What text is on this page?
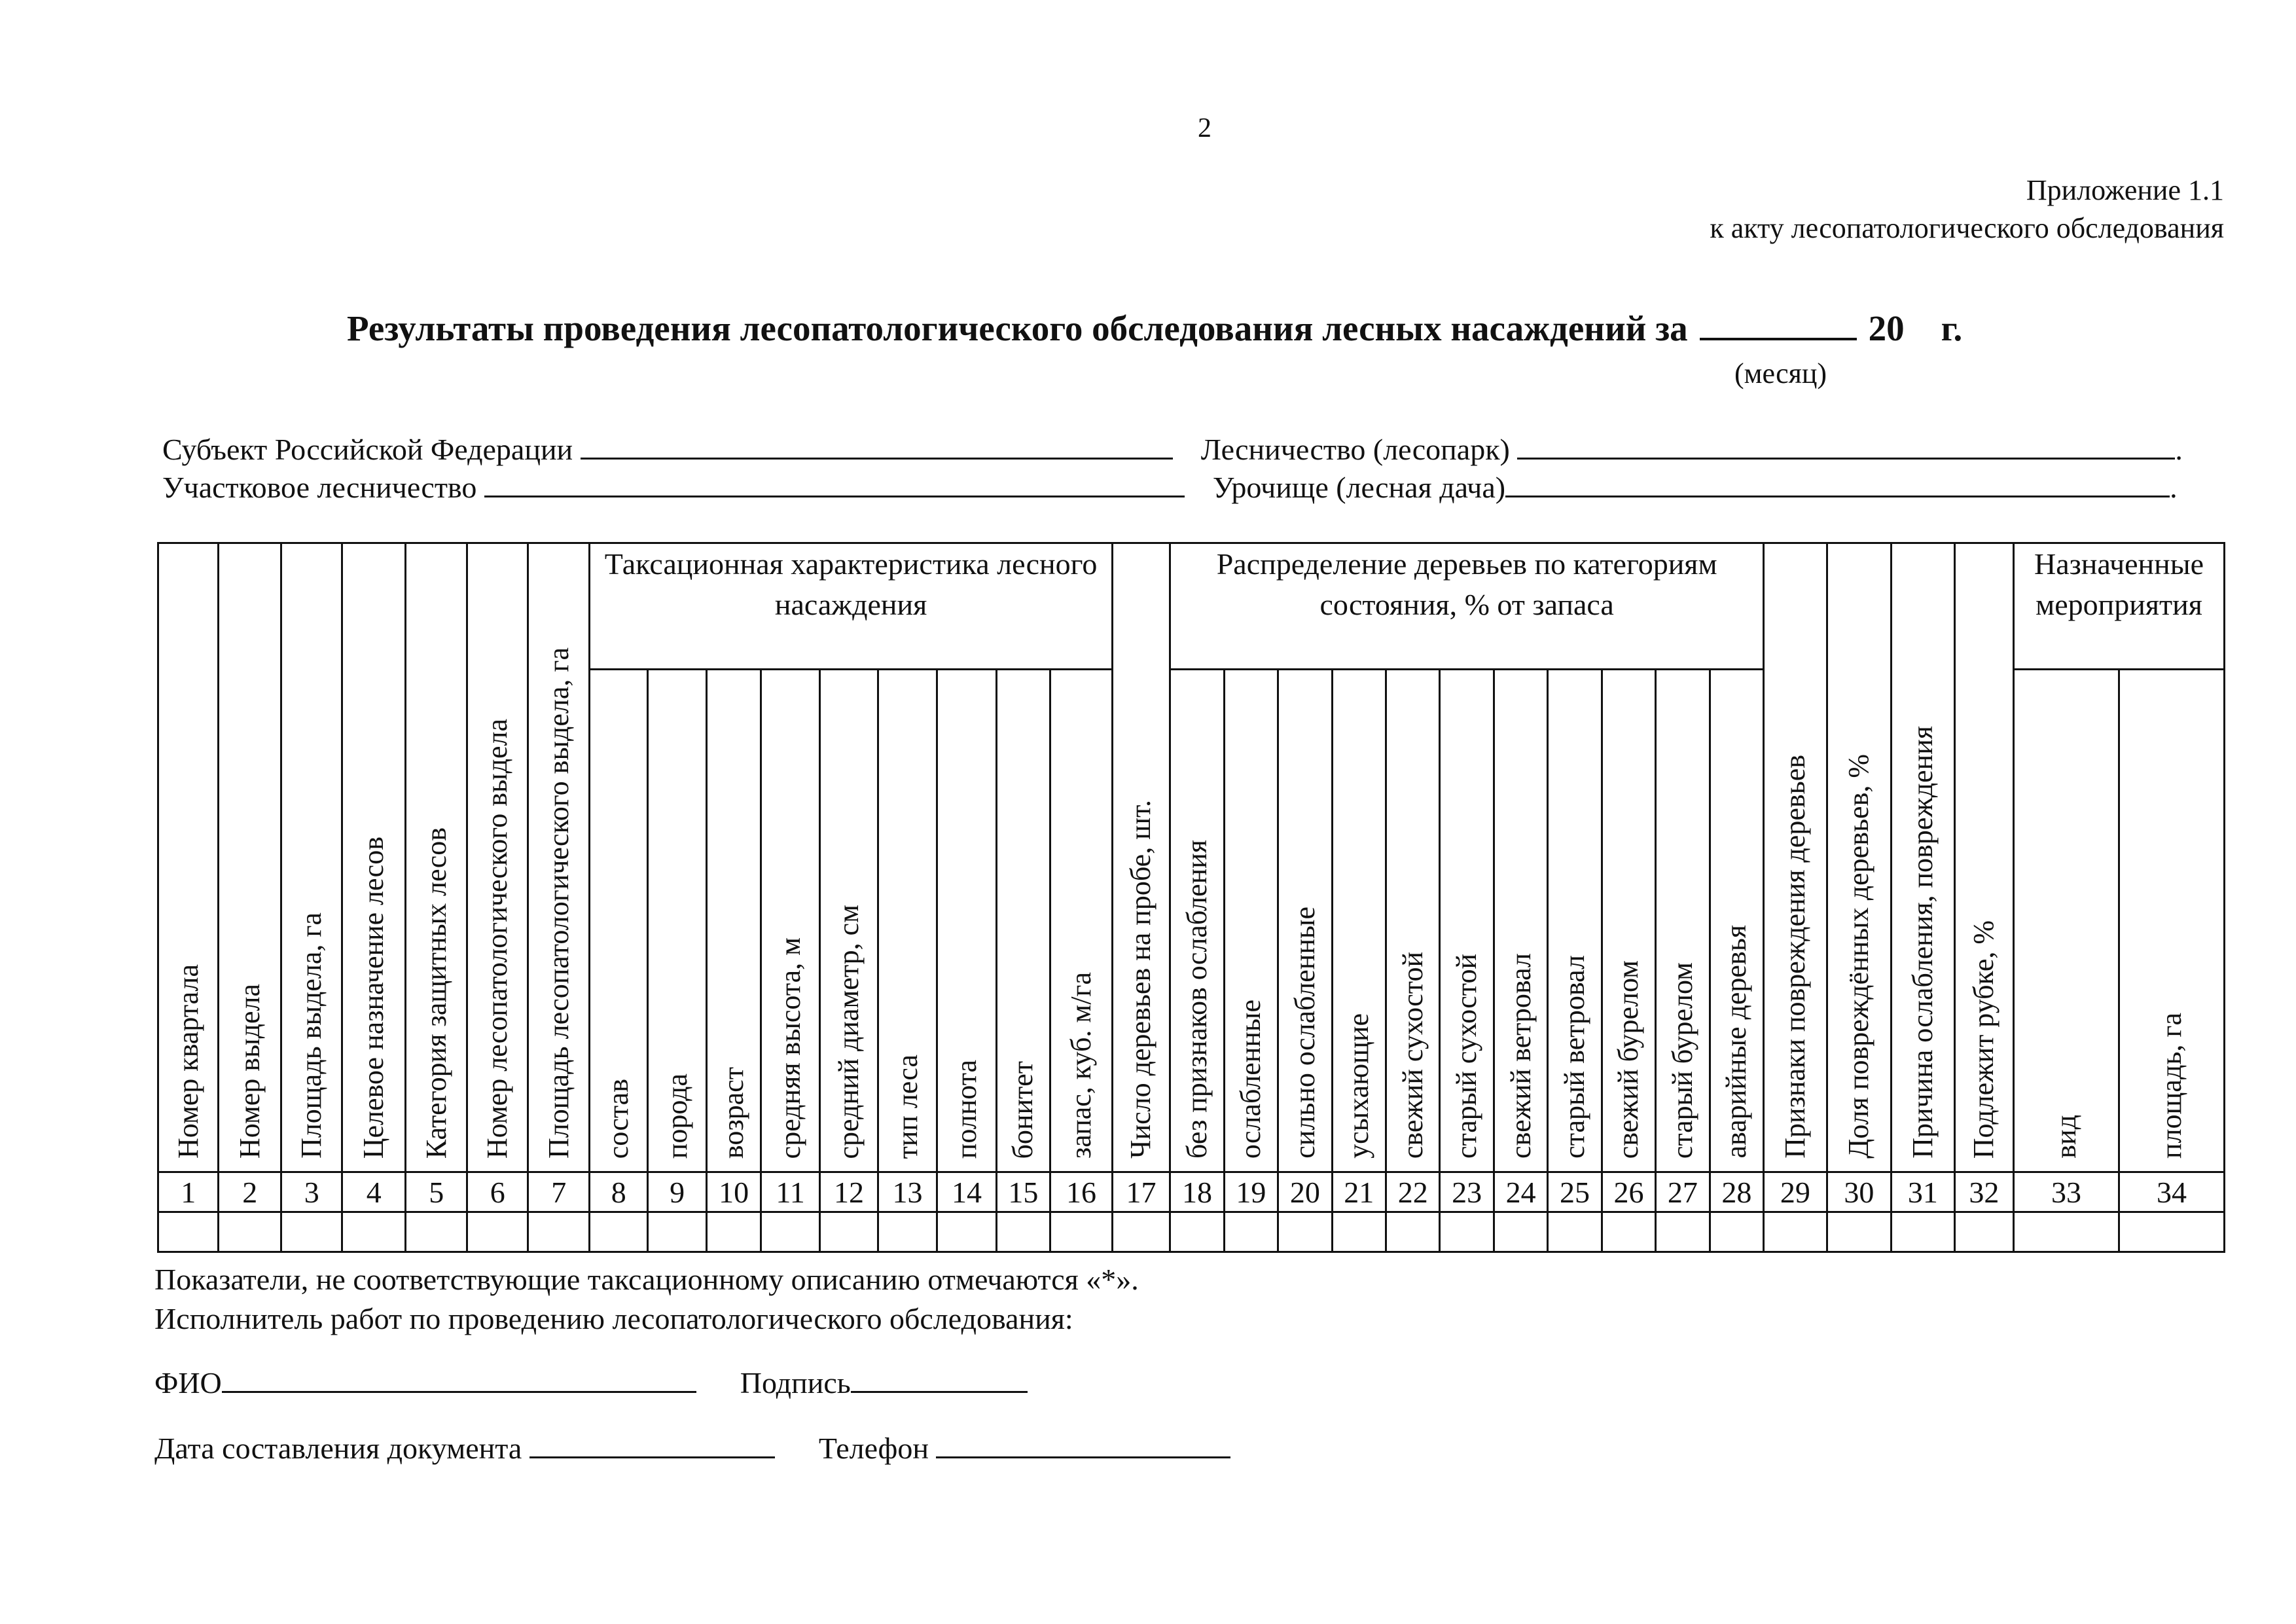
2
Приложение 1.1
к акту лесопатологического обследования
Результаты проведения лесопатологического обследования лесных насаждений за	20 г.
(месяц)
Субъект Российской Федерации	Лесничество (лесопарк)	.
Участковое лесничество	Урочище (лесная дача)	.
Номер квартала	Номер выдела	Площадь выдела, га	Целевое назначение лесов	Категория защитных лесов	Номер лесопатологического выдела	Площадь лесопатологического выдела, га	Таксационная характеристика лесного насаждения									Число деревьев на пробе, шт.	Распределение деревьев по категориям состояния, % от запаса											Признаки повреждения деревьев	Доля повреждённых деревьев, %	Причина ослабления, повреждения	Подлежит рубке, %	Назначенные мероприятия	
							состав	порода	возраст	средняя высота, м	средний диаметр, см	тип леса	полнота	бонитет	запас, куб. м/га		без признаков ослабления	ослабленные	сильно ослабленные	усыхающие	свежий сухостой	старый сухостой	свежий ветровал	старый ветровал	свежий бурелом	старый бурелом	аварийные деревья					вид	площадь, га
1	2	3	4	5	6	7	8	9	10	11	12	13	14	15	16	17	18	19	20	21	22	23	24	25	26	27	28	29	30	31	32	33	34

Показатели, не соответствующие таксационному описанию отмечаются «*».
Исполнитель работ по проведению лесопатологического обследования:
ФИО	Подпись
Дата составления документа	Телефон
